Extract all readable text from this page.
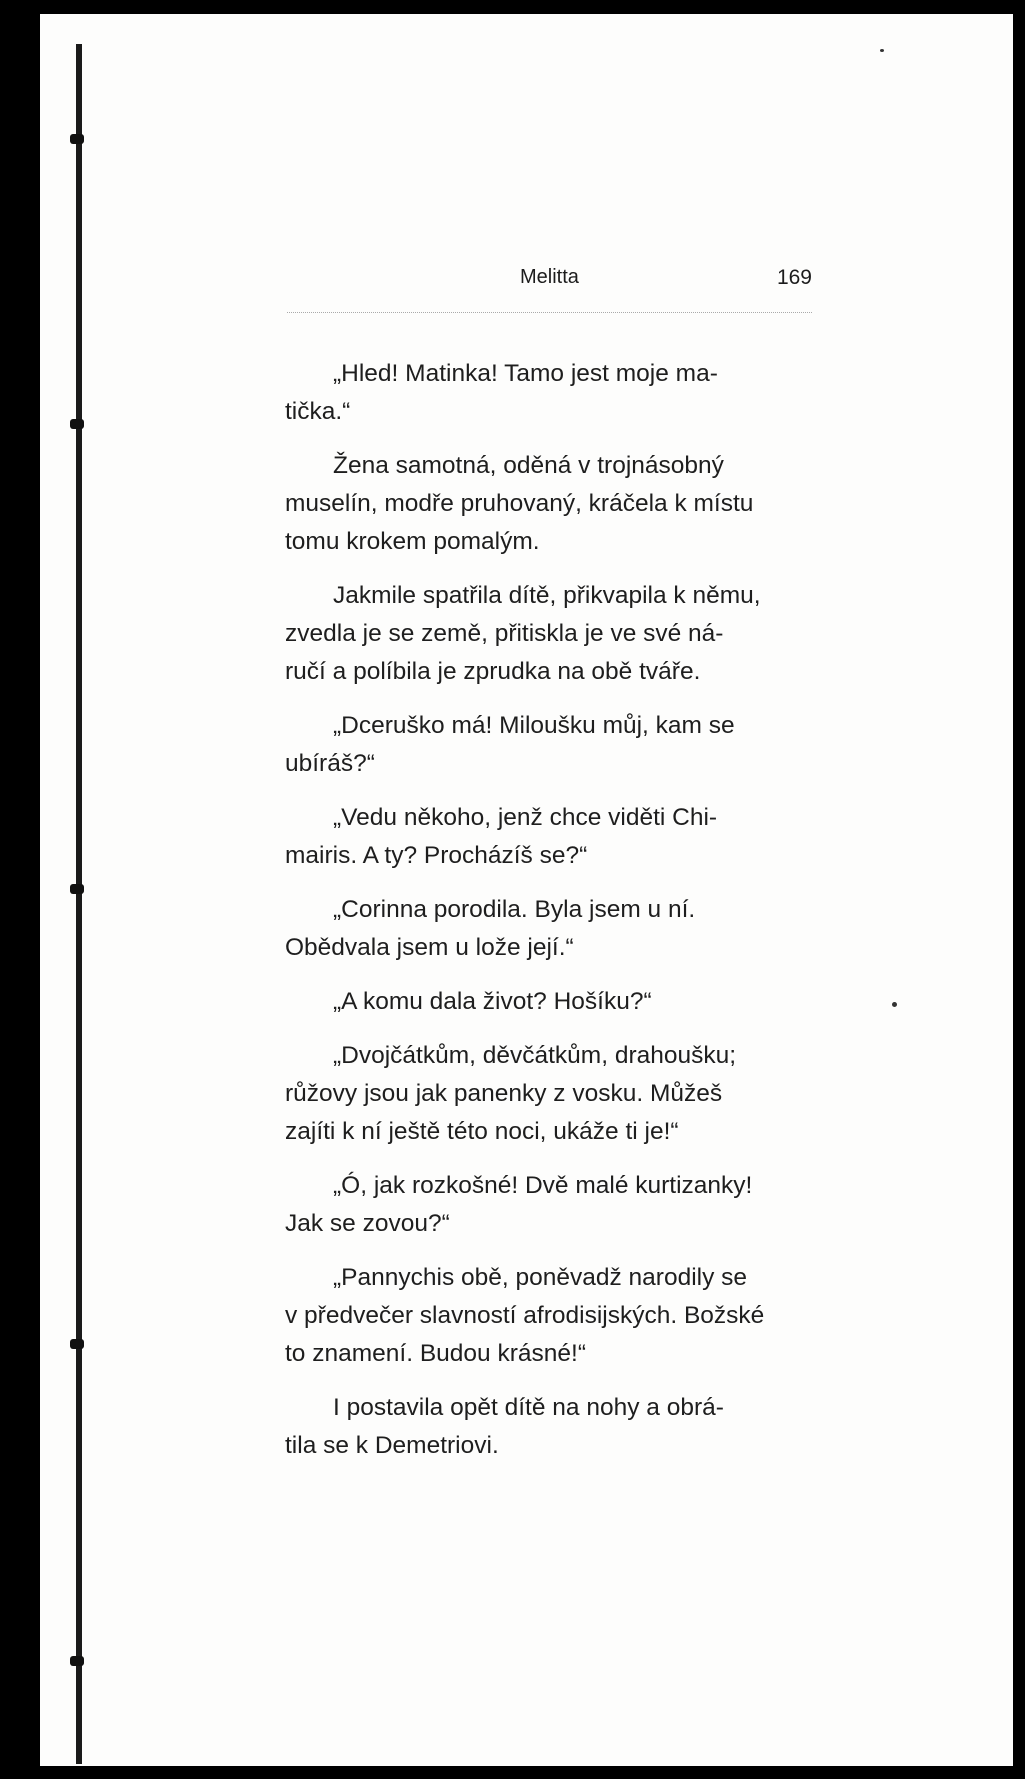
Melitta	169

„Hled! Matinka! Tamo jest moje ma-
tička.“

Žena samotná, oděná v trojnásobný
muselín, modře pruhovaný, kráčela k místu
tomu krokem pomalým.

Jakmile spatřila dítě, přikvapila k němu,
zvedla je se země, přitiskla je ve své ná-
ručí a políbila je zprudka na obě tváře.

„Dceruško má! Miloušku můj, kam se
ubíráš?“

„Vedu někoho, jenž chce viděti Chi-
mairis. A ty? Procházíš se?“

„Corinna porodila. Byla jsem u ní.
Obědvala jsem u lože její.“

„A komu dala život? Hošíku?“

„Dvojčátkům, děvčátkům, drahoušku;
růžovy jsou jak panenky z vosku. Můžeš
zajíti k ní ještě této noci, ukáže ti je!“

„Ó, jak rozkošné! Dvě malé kurtizanky!
Jak se zovou?“

„Pannychis obě, poněvadž narodily se
v předvečer slavností afrodisijských. Božské
to znamení. Budou krásné!“

I postavila opět dítě na nohy a obrá-
tila se k Demetriovi.
